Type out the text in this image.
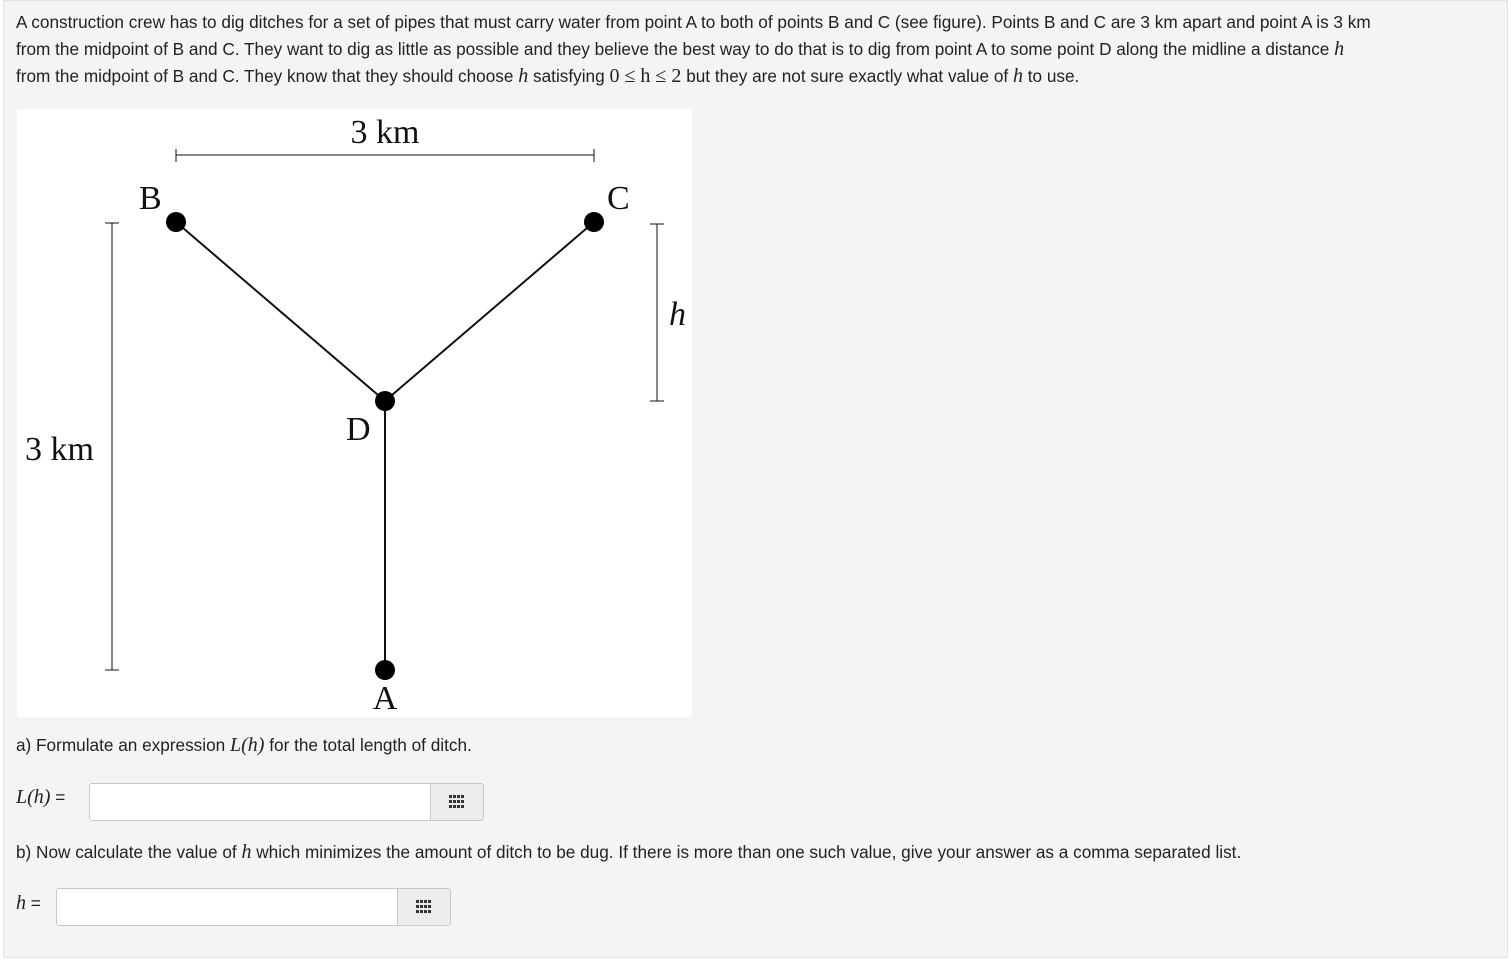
A construction crew has to dig ditches for a set of pipes that must carry water from point A to both of points B and C (see figure). Points B and C are 3 km apart and point A is 3 km
from the midpoint of B and C. They want to dig as little as possible and they believe the best way to do that is to dig from point A to some point D along the midline a distance h
from the midpoint of B and C. They know that they should choose h satisfying 0 ≤ h ≤ 2 but they are not sure exactly what value of h to use.
3 km
3 km
h
B	C
D
A
a) Formulate an expression L(h) for the total length of ditch.
L(h) =
b) Now calculate the value of h which minimizes the amount of ditch to be dug. If there is more than one such value, give your answer as a comma separated list.
h =
